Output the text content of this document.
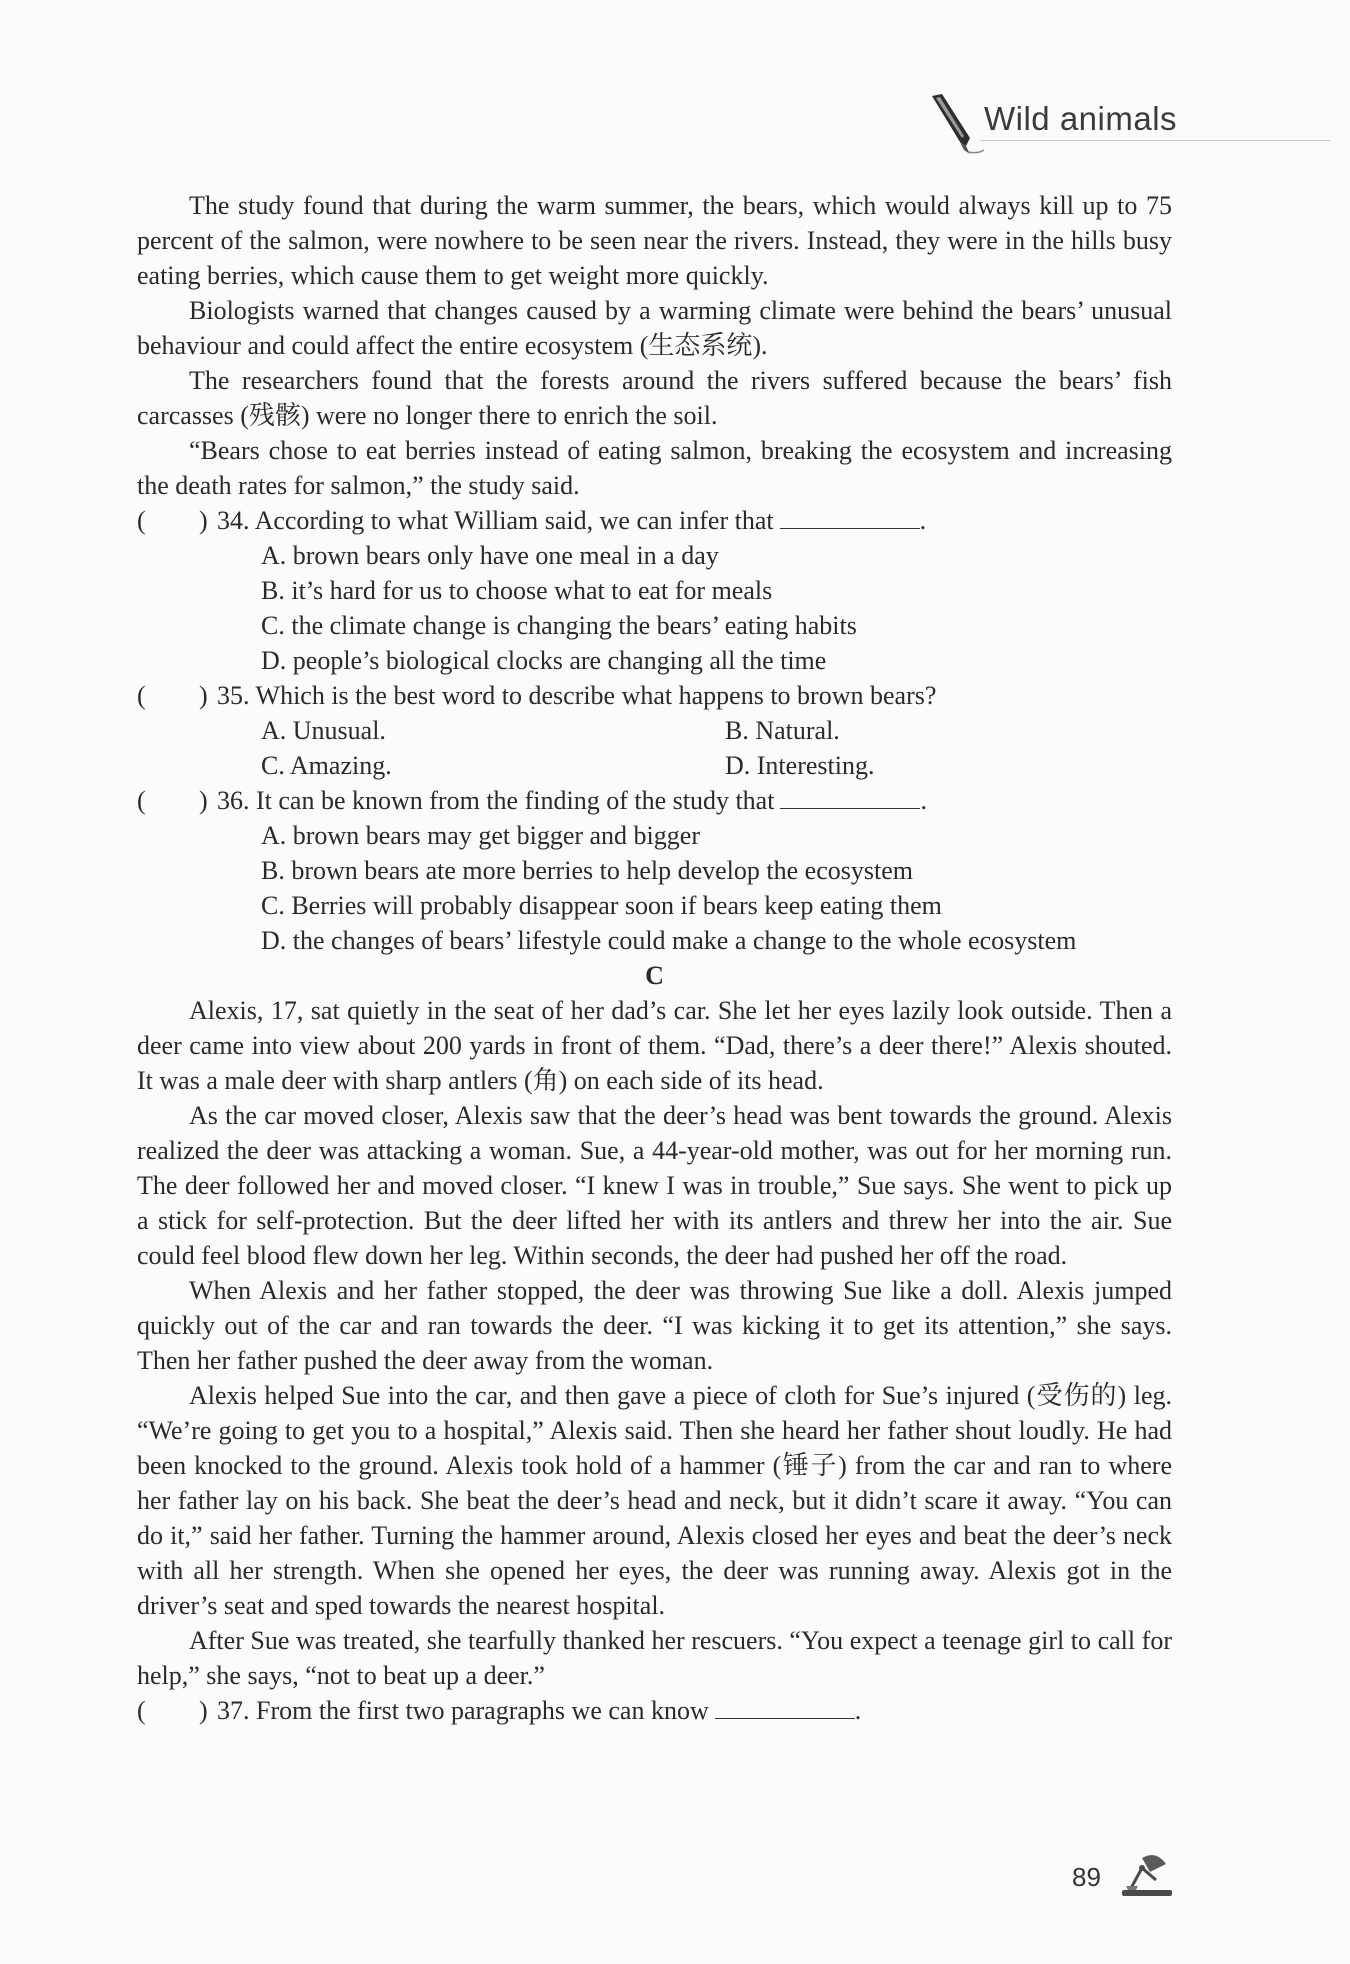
Wild animals

The study found that during the warm summer, the bears, which would always kill up to 75 percent of the salmon, were nowhere to be seen near the rivers. Instead, they were in the hills busy eating berries, which cause them to get weight more quickly.

Biologists warned that changes caused by a warming climate were behind the bears’ unusual behaviour and could affect the entire ecosystem (生态系统).

The researchers found that the forests around the rivers suffered because the bears’ fish carcasses (残骸) were no longer there to enrich the soil.

“Bears chose to eat berries instead of eating salmon, breaking the ecosystem and increasing the death rates for salmon,” the study said.

( ) 34. According to what William said, we can infer that	.
A. brown bears only have one meal in a day
B. it’s hard for us to choose what to eat for meals
C. the climate change is changing the bears’ eating habits
D. people’s biological clocks are changing all the time
( ) 35. Which is the best word to describe what happens to brown bears?
A. Unusual.	B. Natural.
C. Amazing.	D. Interesting.
( ) 36. It can be known from the finding of the study that	.
A. brown bears may get bigger and bigger
B. brown bears ate more berries to help develop the ecosystem
C. Berries will probably disappear soon if bears keep eating them
D. the changes of bears’ lifestyle could make a change to the whole ecosystem
C

Alexis, 17, sat quietly in the seat of her dad’s car. She let her eyes lazily look outside. Then a deer came into view about 200 yards in front of them. “Dad, there’s a deer there!” Alexis shouted. It was a male deer with sharp antlers (角) on each side of its head.

As the car moved closer, Alexis saw that the deer’s head was bent towards the ground. Alexis realized the deer was attacking a woman. Sue, a 44-year-old mother, was out for her morning run. The deer followed her and moved closer. “I knew I was in trouble,” Sue says. She went to pick up a stick for self-protection. But the deer lifted her with its antlers and threw her into the air. Sue could feel blood flew down her leg. Within seconds, the deer had pushed her off the road.

When Alexis and her father stopped, the deer was throwing Sue like a doll. Alexis jumped quickly out of the car and ran towards the deer. “I was kicking it to get its attention,” she says. Then her father pushed the deer away from the woman.

Alexis helped Sue into the car, and then gave a piece of cloth for Sue’s injured (受伤的) leg. “We’re going to get you to a hospital,” Alexis said. Then she heard her father shout loudly. He had been knocked to the ground. Alexis took hold of a hammer (锤子) from the car and ran to where her father lay on his back. She beat the deer’s head and neck, but it didn’t scare it away. “You can do it,” said her father. Turning the hammer around, Alexis closed her eyes and beat the deer’s neck with all her strength. When she opened her eyes, the deer was running away. Alexis got in the driver’s seat and sped towards the nearest hospital.

After Sue was treated, she tearfully thanked her rescuers. “You expect a teenage girl to call for help,” she says, “not to beat up a deer.”

( ) 37. From the first two paragraphs we can know	.
89
